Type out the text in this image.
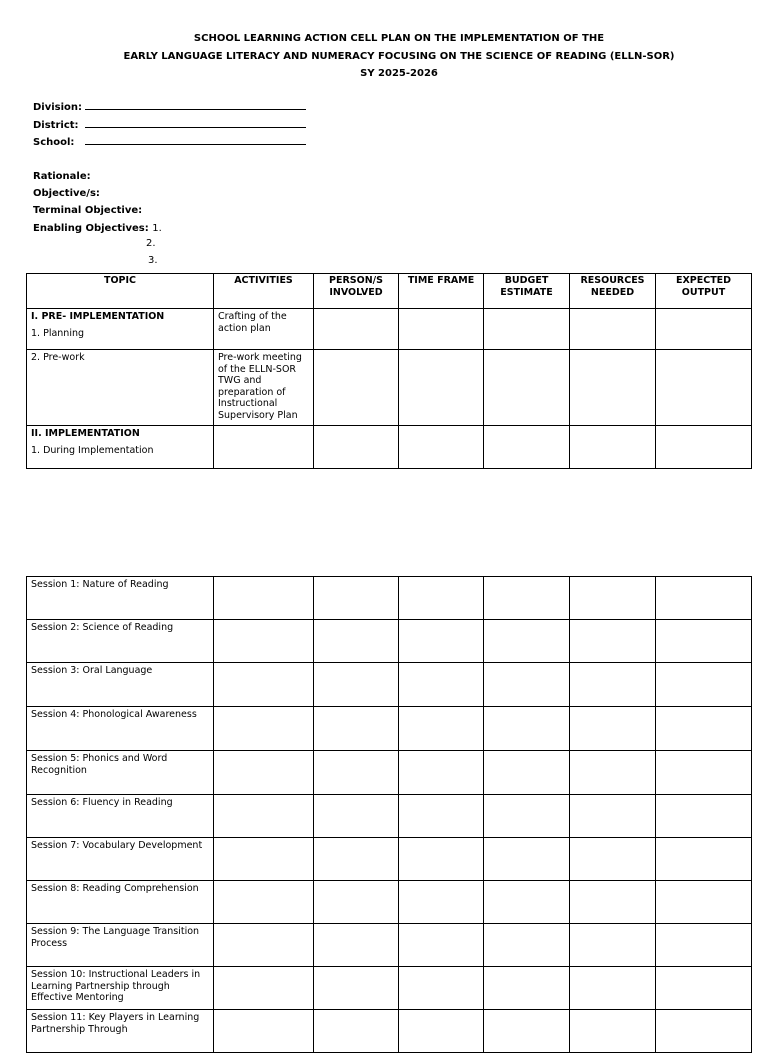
SCHOOL LEARNING ACTION CELL PLAN ON THE IMPLEMENTATION OF THE
EARLY LANGUAGE LITERACY AND NUMERACY FOCUSING ON THE SCIENCE OF READING (ELLN-SOR)
SY 2025-2026
Division:
District:
School:
Rationale:
Objective/s:
Terminal Objective:
Enabling Objectives: 1.
2.
3.
TOPIC	ACTIVITIES	PERSON/S INVOLVED	TIME FRAME	BUDGET ESTIMATE	RESOURCES NEEDED	EXPECTED OUTPUT

I. PRE- IMPLEMENTATION
1. Planning	Crafting of the action plan					
2. Pre-work	Pre-work meeting of the ELLN-SOR TWG and preparation of Instructional Supervisory Plan					

II. IMPLEMENTATION
1. During Implementation						

Session 1: Nature of Reading						
Session 2: Science of Reading						
Session 3: Oral Language						
Session 4: Phonological Awareness						
Session 5: Phonics and Word Recognition						
Session 6: Fluency in Reading						
Session 7: Vocabulary Development						
Session 8: Reading Comprehension						
Session 9: The Language Transition Process						
Session 10: Instructional Leaders in Learning Partnership through Effective Mentoring						
Session 11: Key Players in Learning Partnership Through						
